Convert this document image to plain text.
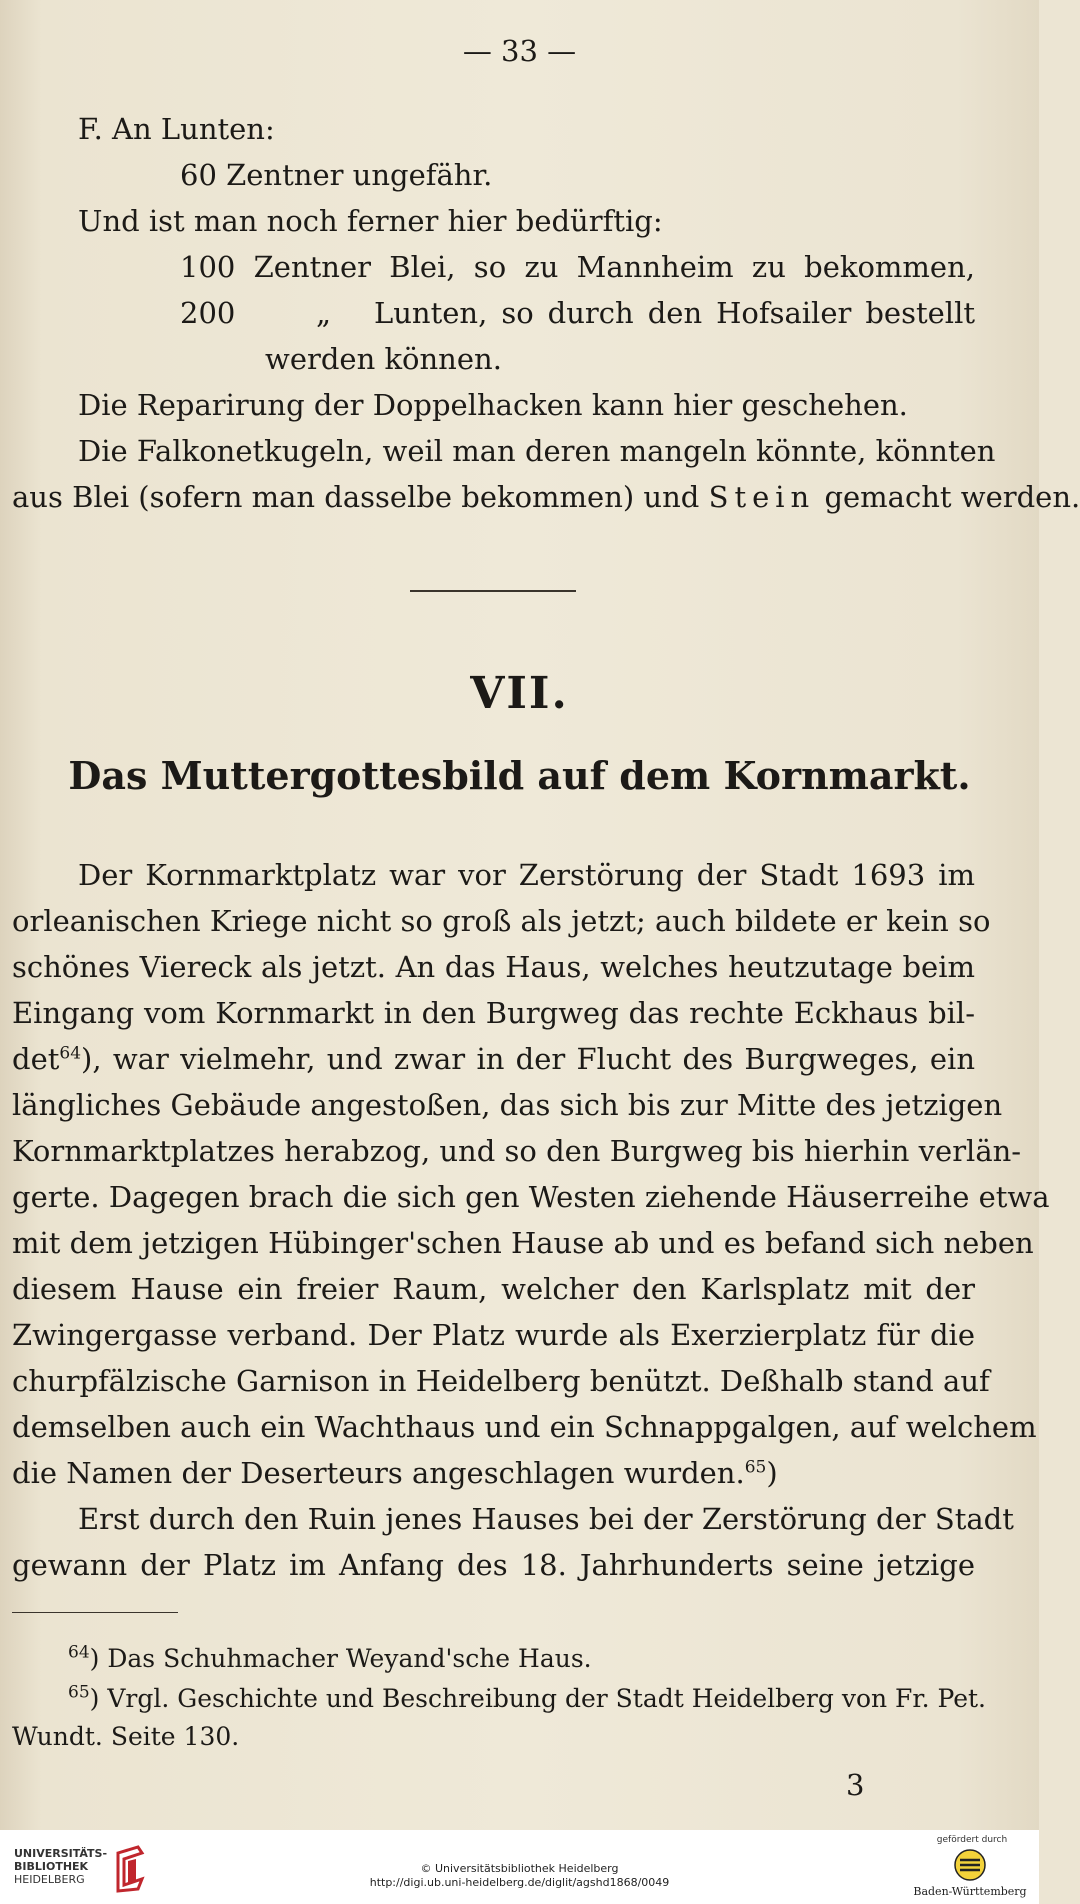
— 33 —
F. An Lunten:
60 Zentner ungefähr.
Und ist man noch ferner hier bedürftig:
100 Zentner Blei, so zu Mannheim zu bekommen,
200	„ Lunten, so durch den Hofsailer bestellt
werden können.
Die Reparirung der Doppelhacken kann hier geschehen.
Die Falkonetkugeln, weil man deren mangeln könnte, könnten
aus Blei (sofern man dasselbe bekommen) und Stein gemacht werden.
VII.
Das Muttergottesbild auf dem Kornmarkt.
Der Kornmarktplatz war vor Zerstörung der Stadt 1693 im
orleanischen Kriege nicht so groß als jetzt; auch bildete er kein so
schönes Viereck als jetzt. An das Haus, welches heutzutage beim
Eingang vom Kornmarkt in den Burgweg das rechte Eckhaus bil-
$\det^{64}$), war vielmehr, und zwar in der Flucht des Burgweges, ein
längliches Gebäude angestoßen, das sich bis zur Mitte des jetzigen
Kornmarktplatzes herabzog, und so den Burgweg bis hierhin verlän-
gerte. Dagegen brach die sich gen Westen ziehende Häuserreihe etwa
mit dem jetzigen Hübinger'schen Hause ab und es befand sich neben
diesem Hause ein freier Raum, welcher den Karlsplatz mit der
Zwingergasse verband. Der Platz wurde als Exerzierplatz für die
churpfälzische Garnison in Heidelberg benützt. Deßhalb stand auf
demselben auch ein Wachthaus und ein Schnappgalgen, auf welchem
die Namen der Deserteurs angeschlagen wurden.$^{65}$)
Erst durch den Ruin jenes Hauses bei der Zerstörung der Stadt
gewann der Platz im Anfang des 18. Jahrhunderts seine jetzige
$^{64}$) Das Schuhmacher Weyand'sche Haus.
$^{65}$) Vrgl. Geschichte und Beschreibung der Stadt Heidelberg von Fr. Pet.
Wundt. Seite 130.
3
UNIVERSITÄTS-
BIBLIOTHEK
HEIDELBERG
© Universitätsbibliothek Heidelberg
http://digi.ub.uni-heidelberg.de/diglit/agshd1868/0049
gefördert durch
Baden-Württemberg
